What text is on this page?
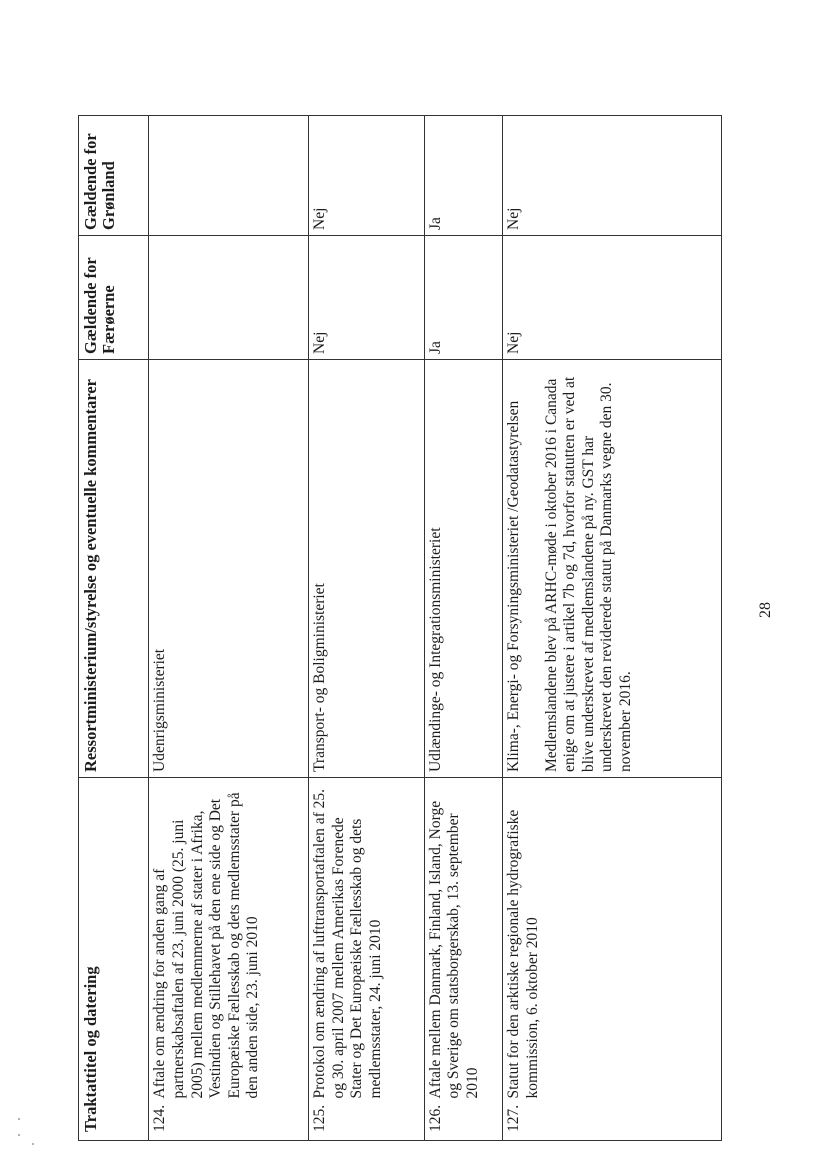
Traktattitel og datering		Ressortministerium/styrelse og eventuelle kommentarer	Gældende for Færøerne	Gældende for Grønland
124.	Aftale om ændring for anden gang af partnerskabsaftalen af 23. juni 2000 (25. juni 2005) mellem medlemmerne af stater i Afrika, Vestindien og Stillehavet på den ene side og Det Europæiske Fællesskab og dets medlemsstater på den anden side, 23. juni 2010	Udenrigsministeriet		

125.	Protokol om ændring af lufttransportaftalen af 25. og 30. april 2007 mellem Amerikas Forenede Stater og Det Europæiske Fællesskab og dets medlemsstater, 24. juni 2010	Transport- og Boligministeriet	Nej	Nej
126.	Aftale mellem Danmark, Finland, Island, Norge og Sverige om statsborgerskab, 13. september 2010	Udlændinge- og Integrationsministeriet	Ja	Ja
127.	Statut for den arktiske regionale hydrografiske kommission, 6. oktober 2010	Klima-, Energi- og Forsyningsministeriet /Geodatastyrelsen Medlemslandene blev på ARHC-møde i oktober 2016 i Canada enige om at justere i artikel 7b og 7d, hvorfor statutten er ved at blive underskrevet af medlemslandene på ny. GST har underskrevet den reviderede statut på Danmarks vegne den 30. november 2016.	Nej	Nej
28
